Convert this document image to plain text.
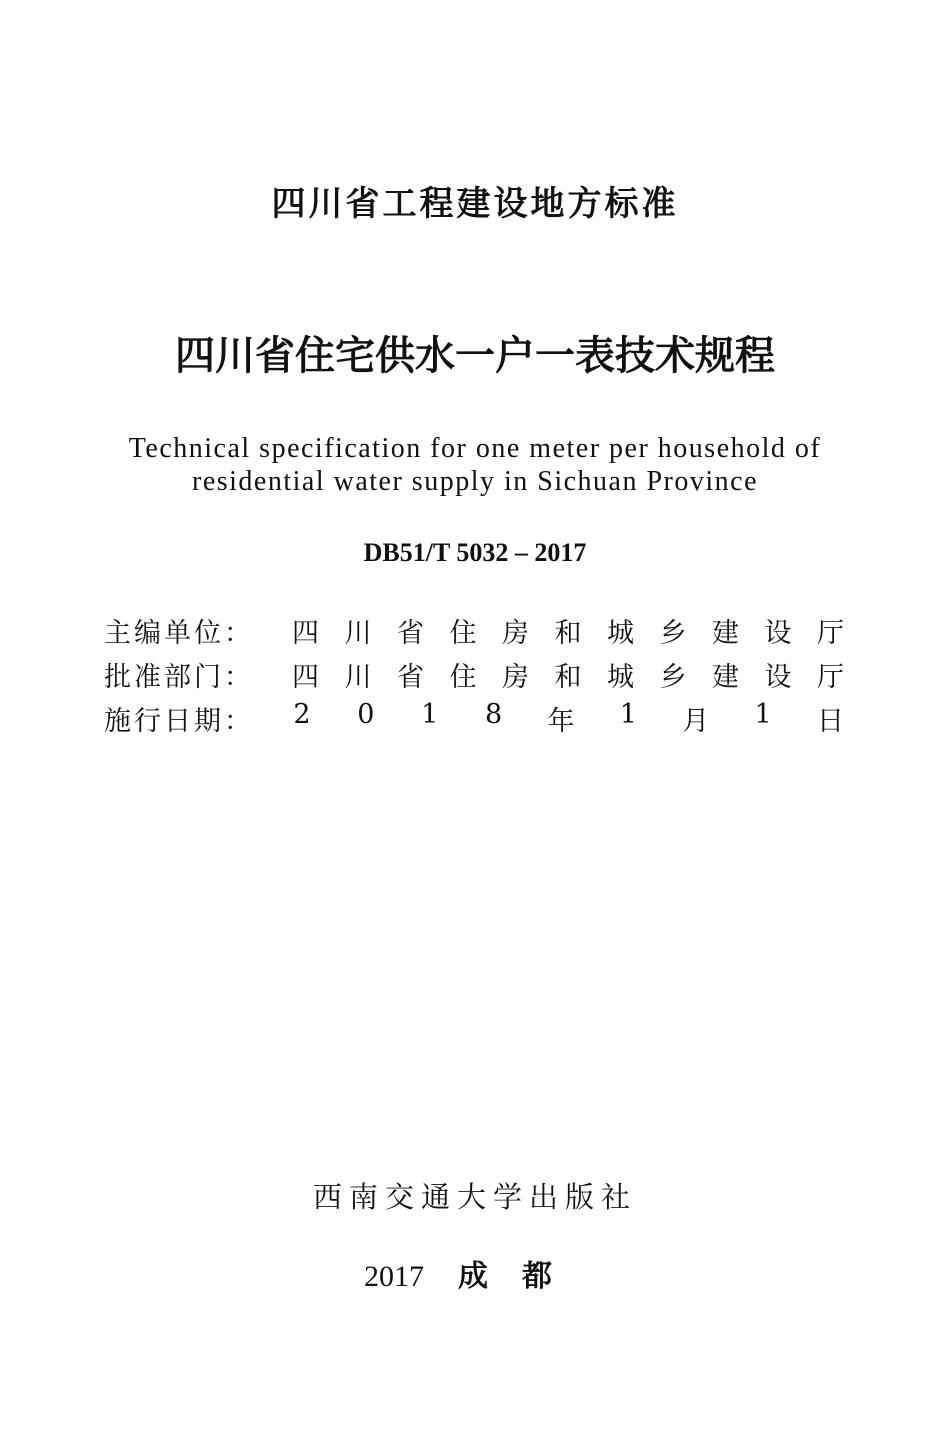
四川省工程建设地方标准
四川省住宅供水一户一表技术规程
Technical specification for one meter per household of
residential water supply in Sichuan Province
DB51/T 5032 – 2017
主编单位：	四 川 省 住 房 和 城 乡 建 设 厅
批准部门：	四 川 省 住 房 和 城 乡 建 设 厅
施行日期：	2 0 1 8 年 1 月 1 日
西南交通大学出版社
2017 成都
